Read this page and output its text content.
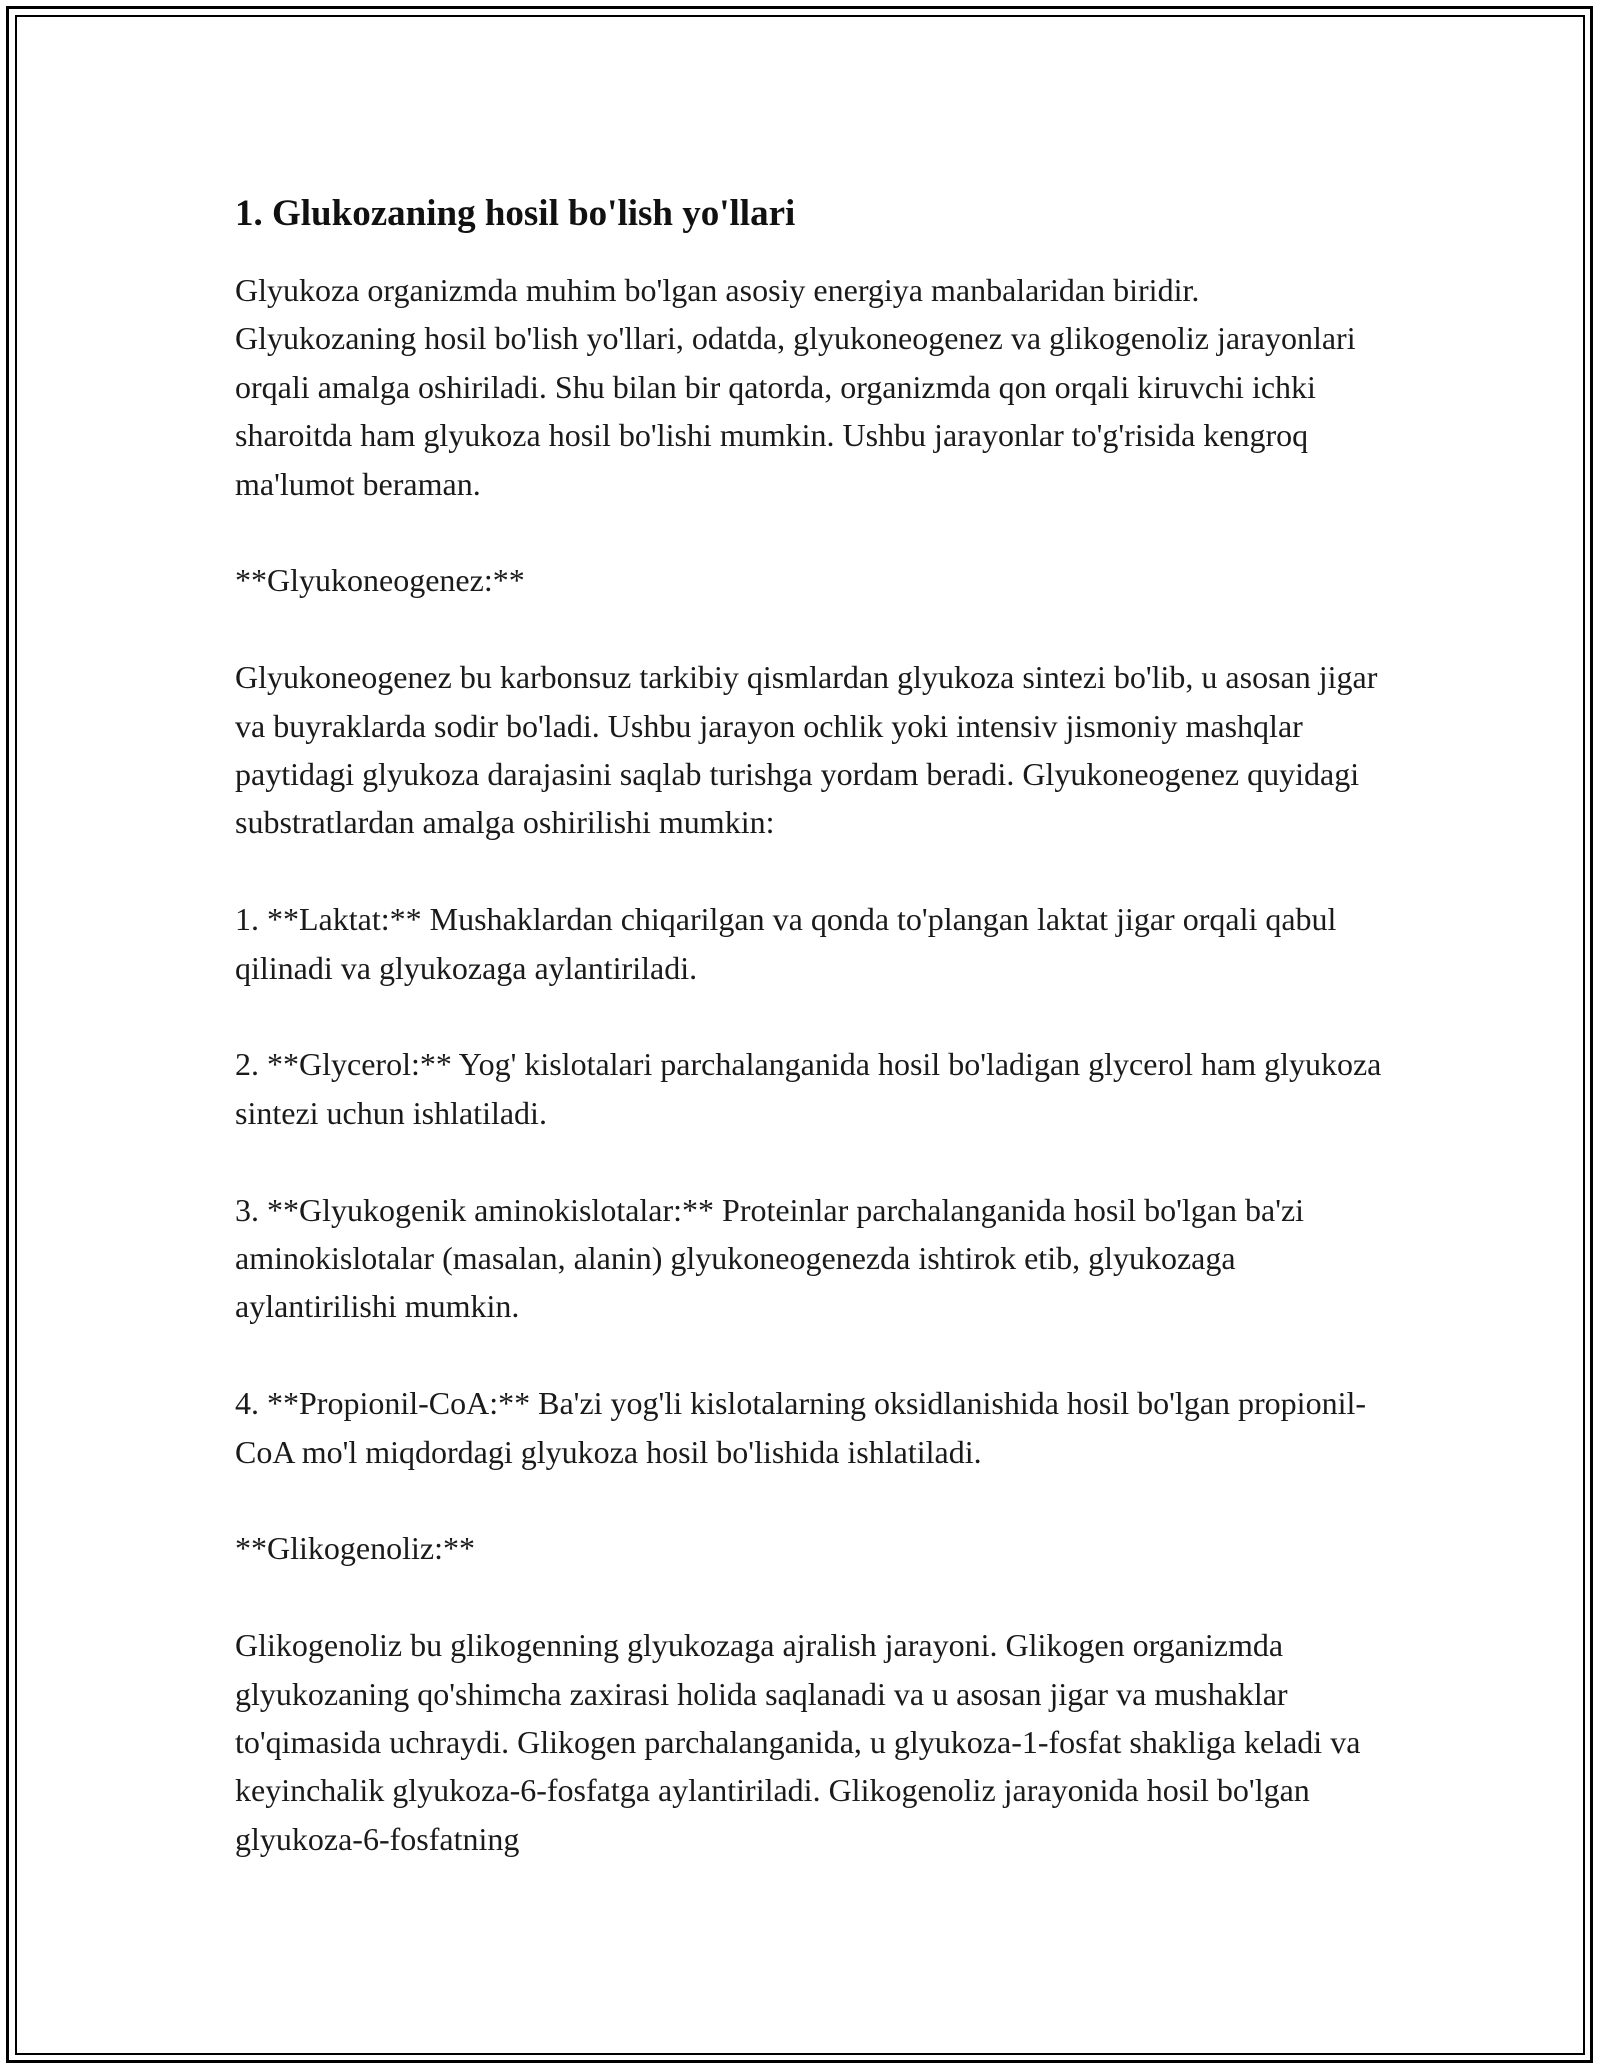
1. Glukozaning hosil bo'lish yo'llari

Glyukoza organizmda muhim bo'lgan asosiy energiya manbalaridan biridir. Glyukozaning hosil bo'lish yo'llari, odatda, glyukoneogenez va glikogenoliz jarayonlari orqali amalga oshiriladi. Shu bilan bir qatorda, organizmda qon orqali kiruvchi ichki sharoitda ham glyukoza hosil bo'lishi mumkin. Ushbu jarayonlar to'g'risida kengroq ma'lumot beraman.

**Glyukoneogenez:**

Glyukoneogenez bu karbonsuz tarkibiy qismlardan glyukoza sintezi bo'lib, u asosan jigar va buyraklarda sodir bo'ladi. Ushbu jarayon ochlik yoki intensiv jismoniy mashqlar paytidagi glyukoza darajasini saqlab turishga yordam beradi. Glyukoneogenez quyidagi substratlardan amalga oshirilishi mumkin:

1. **Laktat:** Mushaklardan chiqarilgan va qonda to'plangan laktat jigar orqali qabul qilinadi va glyukozaga aylantiriladi.

2. **Glycerol:** Yog' kislotalari parchalanganida hosil bo'ladigan glycerol ham glyukoza sintezi uchun ishlatiladi.

3. **Glyukogenik aminokislotalar:** Proteinlar parchalanganida hosil bo'lgan ba'zi aminokislotalar (masalan, alanin) glyukoneogenezda ishtirok etib, glyukozaga aylantirilishi mumkin.

4. **Propionil-CoA:** Ba'zi yog'li kislotalarning oksidlanishida hosil bo'lgan propionil-CoA mo'l miqdordagi glyukoza hosil bo'lishida ishlatiladi.

**Glikogenoliz:**

Glikogenoliz bu glikogenning glyukozaga ajralish jarayoni. Glikogen organizmda glyukozaning qo'shimcha zaxirasi holida saqlanadi va u asosan jigar va mushaklar to'qimasida uchraydi. Glikogen parchalanganida, u glyukoza-1-fosfat shakliga keladi va keyinchalik glyukoza-6-fosfatga aylantiriladi. Glikogenoliz jarayonida hosil bo'lgan glyukoza-6-fosfatning
